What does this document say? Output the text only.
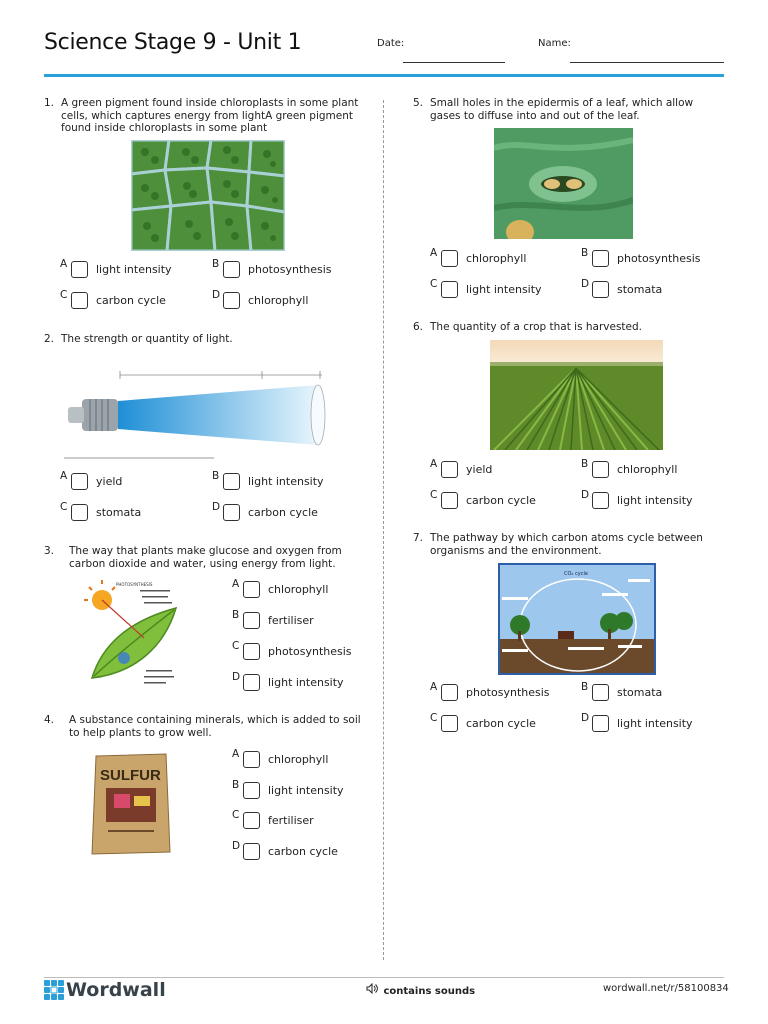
Science Stage 9 - Unit 1	Date:	Name:
1. A green pigment found inside chloroplasts in some plant cells, which captures energy from lightA green pigment found inside chloroplasts in some plant
A	light intensity	B	photosynthesis
C	carbon cycle	D	chlorophyll
2. The strength or quantity of light.
A	yield	B	light intensity
C	stomata	D	carbon cycle
3. The way that plants make glucose and oxygen from carbon dioxide and water, using energy from light.
PHOTOSYNTHESIS	A	chlorophyll
B	fertiliser
C	photosynthesis
D	light intensity
4. A substance containing minerals, which is added to soil to help plants to grow well.
SULFUR
A	chlorophyll
B	light intensity
C	fertiliser
D	carbon cycle
5. Small holes in the epidermis of a leaf, which allow gases to diffuse into and out of the leaf.
A	chlorophyll	B	photosynthesis
C	light intensity	D	stomata
6. The quantity of a crop that is harvested.
A	yield	B	chlorophyll
C	carbon cycle	D	light intensity
7. The pathway by which carbon atoms cycle between organisms and the environment.
CO₂ cycle
A	photosynthesis	B	stomata
C	carbon cycle	D	light intensity
Wordwall	contains sounds	wordwall.net/r/58100834
